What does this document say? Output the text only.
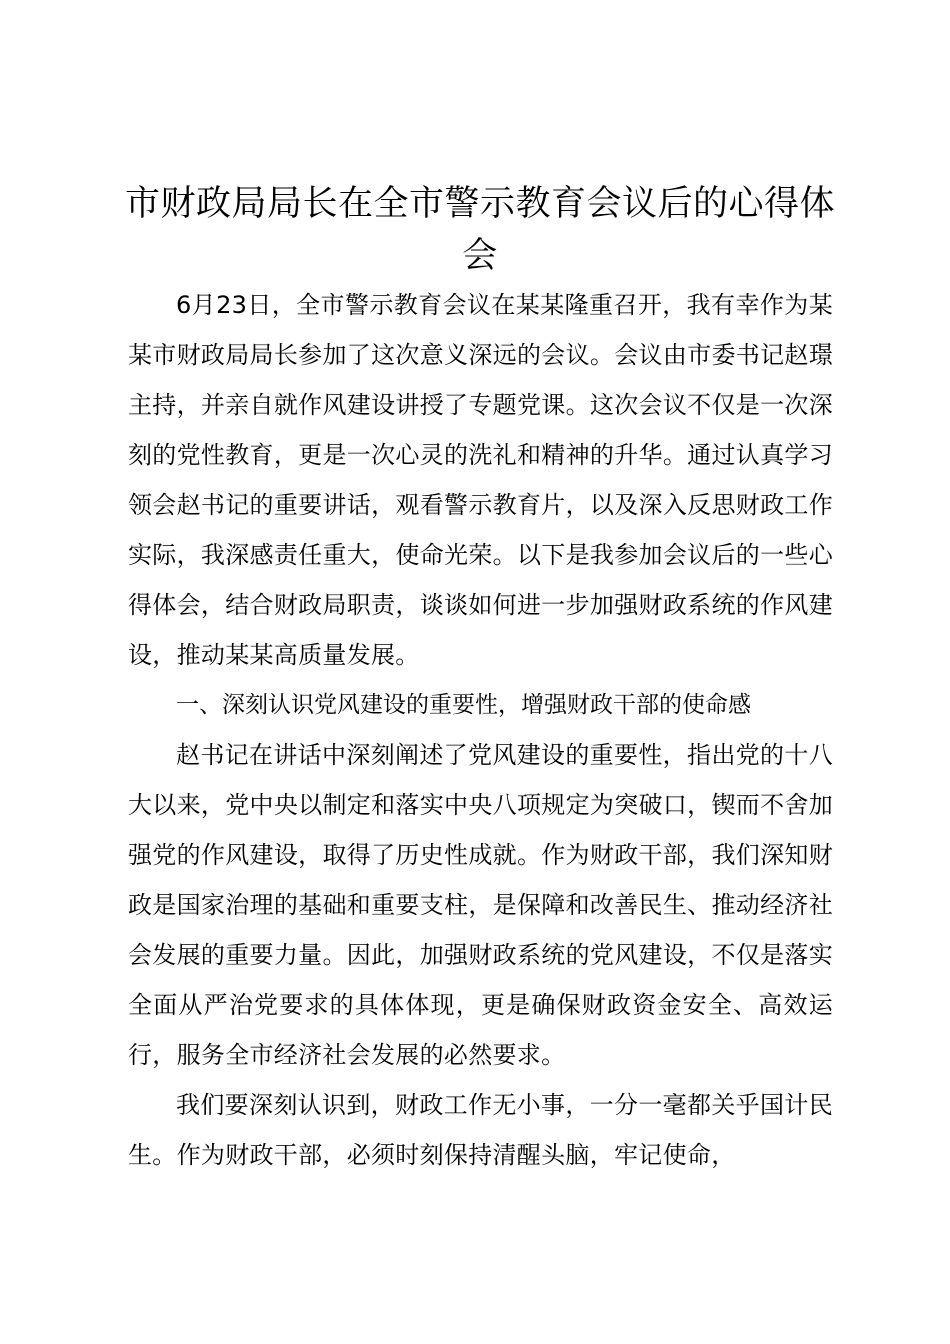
市财政局局长在全市警示教育会议后的心得体会

6月23日，全市警示教育会议在某某隆重召开，我有幸作为某某市财政局局长参加了这次意义深远的会议。会议由市委书记赵璟主持，并亲自就作风建设讲授了专题党课。这次会议不仅是一次深刻的党性教育，更是一次心灵的洗礼和精神的升华。通过认真学习领会赵书记的重要讲话，观看警示教育片，以及深入反思财政工作实际，我深感责任重大，使命光荣。以下是我参加会议后的一些心得体会，结合财政局职责，谈谈如何进一步加强财政系统的作风建设，推动某某高质量发展。

一、深刻认识党风建设的重要性，增强财政干部的使命感

赵书记在讲话中深刻阐述了党风建设的重要性，指出党的十八大以来，党中央以制定和落实中央八项规定为突破口，锲而不舍加强党的作风建设，取得了历史性成就。作为财政干部，我们深知财政是国家治理的基础和重要支柱，是保障和改善民生、推动经济社会发展的重要力量。因此，加强财政系统的党风建设，不仅是落实全面从严治党要求的具体体现，更是确保财政资金安全、高效运行，服务全市经济社会发展的必然要求。

我们要深刻认识到，财政工作无小事，一分一毫都关乎国计民生。作为财政干部，必须时刻保持清醒头脑，牢记使命，
